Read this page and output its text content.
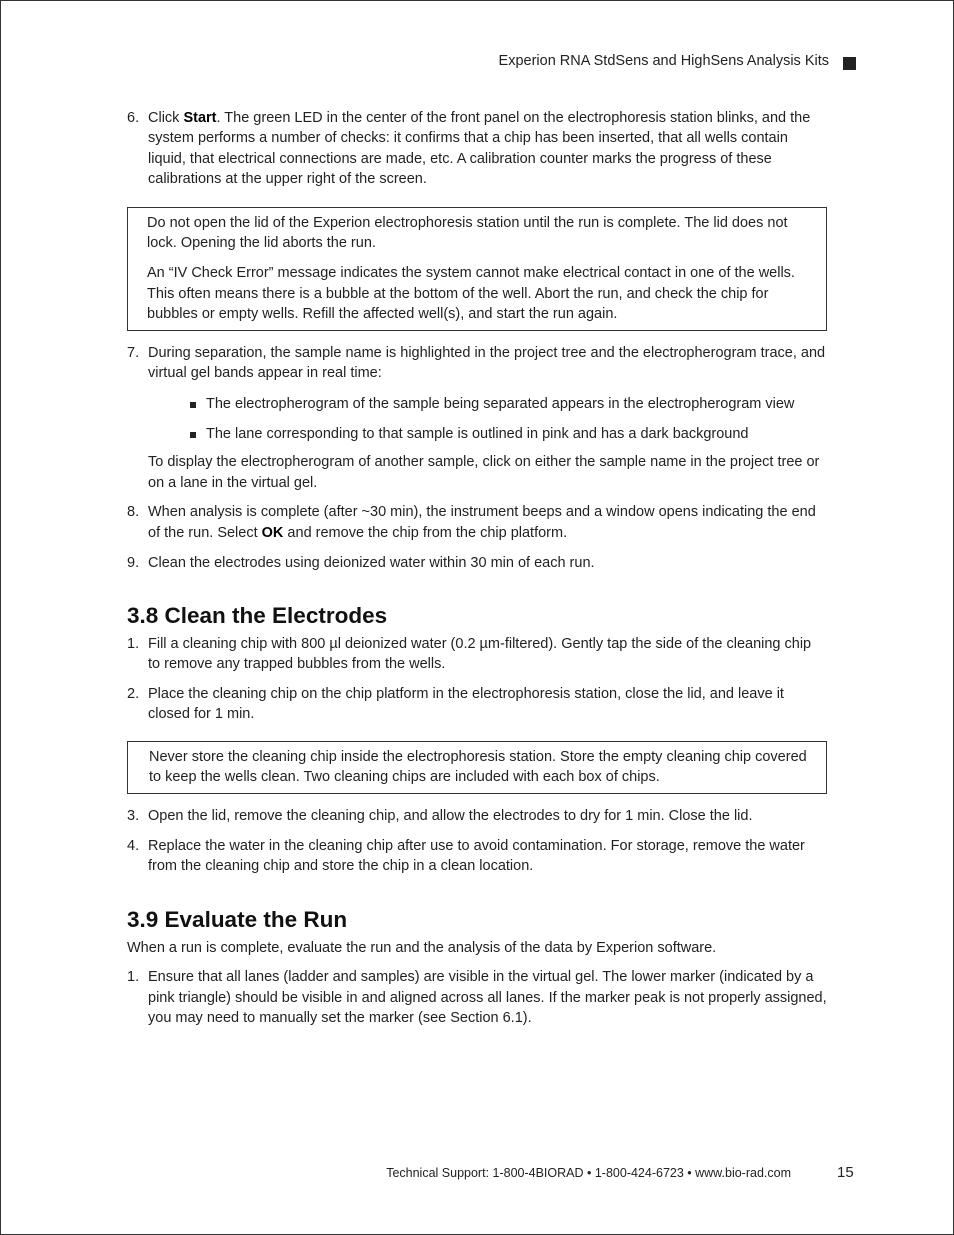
Experion RNA StdSens and HighSens Analysis Kits
6. Click Start. The green LED in the center of the front panel on the electrophoresis station blinks, and the system performs a number of checks: it confirms that a chip has been inserted, that all wells contain liquid, that electrical connections are made, etc. A calibration counter marks the progress of these calibrations at the upper right of the screen.

Do not open the lid of the Experion electrophoresis station until the run is complete. The lid does not lock. Opening the lid aborts the run.

An “IV Check Error” message indicates the system cannot make electrical contact in one of the wells. This often means there is a bubble at the bottom of the well. Abort the run, and check the chip for bubbles or empty wells. Refill the affected well(s), and start the run again.

7. During separation, the sample name is highlighted in the project tree and the electropherogram trace, and virtual gel bands appear in real time:
The electropherogram of the sample being separated appears in the electropherogram view
The lane corresponding to that sample is outlined in pink and has a dark background

To display the electropherogram of another sample, click on either the sample name in the project tree or on a lane in the virtual gel.

8. When analysis is complete (after ~30 min), the instrument beeps and a window opens indicating the end of the run. Select OK and remove the chip from the chip platform.
9. Clean the electrodes using deionized water within 30 min of each run.
3.8 Clean the Electrodes
1. Fill a cleaning chip with 800 µl deionized water (0.2 µm-filtered). Gently tap the side of the cleaning chip to remove any trapped bubbles from the wells.
2. Place the cleaning chip on the chip platform in the electrophoresis station, close the lid, and leave it closed for 1 min.

Never store the cleaning chip inside the electrophoresis station. Store the empty cleaning chip covered to keep the wells clean. Two cleaning chips are included with each box of chips.

3. Open the lid, remove the cleaning chip, and allow the electrodes to dry for 1 min. Close the lid.
4. Replace the water in the cleaning chip after use to avoid contamination. For storage, remove the water from the cleaning chip and store the chip in a clean location.
3.9 Evaluate the Run

When a run is complete, evaluate the run and the analysis of the data by Experion software.

1. Ensure that all lanes (ladder and samples) are visible in the virtual gel. The lower marker (indicated by a pink triangle) should be visible in and aligned across all lanes. If the marker peak is not properly assigned, you may need to manually set the marker (see Section 6.1).
Technical Support: 1-800-4BIORAD • 1-800-424-6723 • www.bio-rad.com	15
